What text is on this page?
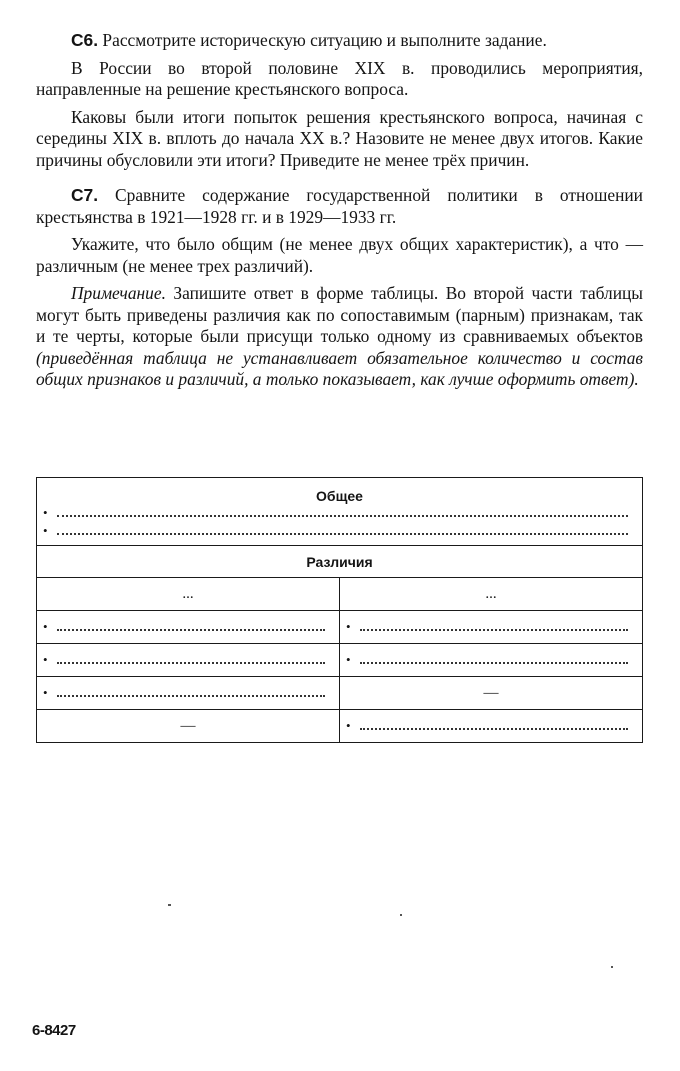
С6. Рассмотрите историческую ситуацию и выполните задание.

В России во второй половине XIX в. проводились мероприятия, направленные на решение крестьянского вопроса.

Каковы были итоги попыток решения крестьянского вопроса, начиная с середины XIX в. вплоть до начала XX в.? Назовите не менее двух итогов. Какие причины обусловили эти итоги? Приведите не менее трёх причин.

С7. Сравните содержание государственной политики в отношении крестьянства в 1921—1928 гг. и в 1929—1933 гг.

Укажите, что было общим (не менее двух общих характеристик), а что — различным (не менее трех различий).

Примечание. Запишите ответ в форме таблицы. Во второй части таблицы могут быть приведены различия как по сопоставимым (парным) признакам, так и те черты, которые были присущи только одному из сравниваемых объектов (приведённая таблица не устанавливает обязательное количество и состав общих признаков и различий, а только показывает, как лучше оформить ответ).

Общее
•
•	

Различия	
...	...

•	•

•	•

•	—
—	•
6-8427
